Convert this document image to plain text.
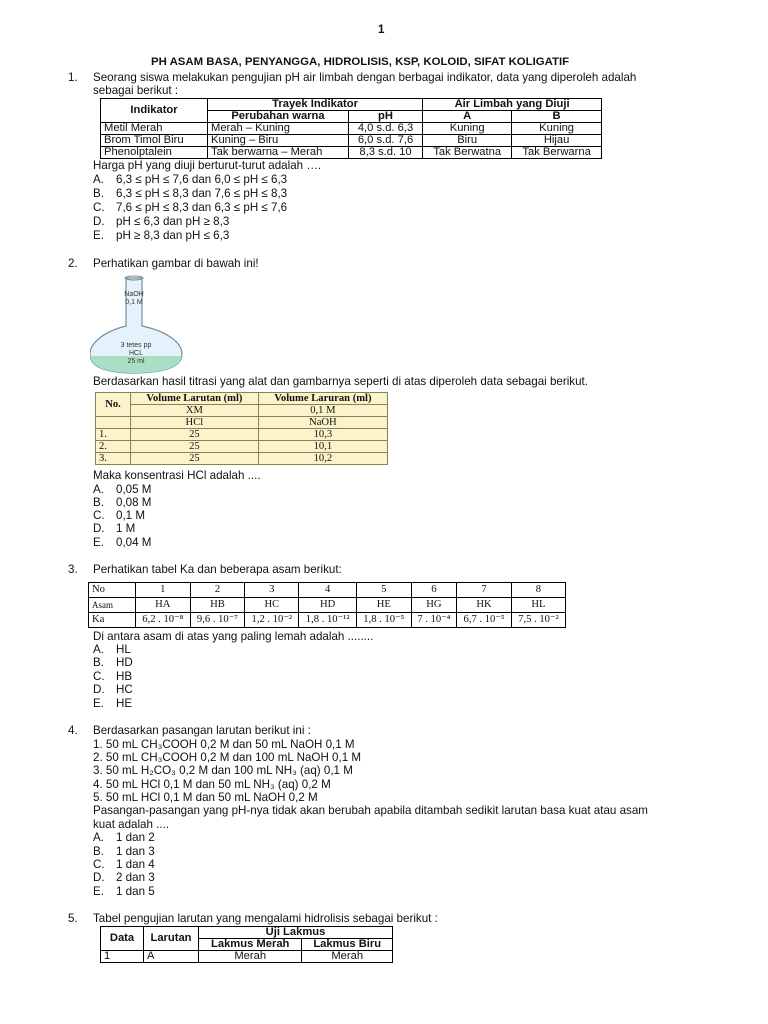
1
PH ASAM BASA, PENYANGGA, HIDROLISIS, KSP, KOLOID, SIFAT KOLIGATIF
1. Seorang siswa melakukan pengujian pH air limbah dengan berbagai indikator, data yang diperoleh adalah
sebagai berikut :
Indikator	Trayek Indikator		Air Limbah yang Diuji	
	Perubahan warna	pH	A	B
Metil Merah	Merah – Kuning	4,0 s.d. 6,3	Kuning	Kuning
Brom Timol Biru	Kuning – Biru	6,0 s.d. 7,6	Biru	Hijau
Phenolptalein	Tak berwarna – Merah	8,3 s.d. 10	Tak Berwatna	Tak Berwarna
Harga pH yang diuji berturut-turut adalah ….
A. 6,3 ≤ pH ≤ 7,6 dan 6,0 ≤ pH ≤ 6,3
B. 6,3 ≤ pH ≤ 8,3 dan 7,6 ≤ pH ≤ 8,3
C. 7,6 ≤ pH ≤ 8,3 dan 6,3 ≤ pH ≤ 7,6
D. pH ≤ 6,3 dan pH ≥ 8,3
E. pH ≥ 8,3 dan pH ≤ 6,3
2. Perhatikan gambar di bawah ini!
NaOH
0,1 M
3 tetes pp
HCL
25 ml
Berdasarkan hasil titrasi yang alat dan gambarnya seperti di atas diperoleh data sebagai berikut.
No.	Volume Larutan (ml)	Volume Laruran (ml)
	XM	0,1 M
	HCl	NaOH
1.	25	10,3
2.	25	10,1
3.	25	10,2
Maka konsentrasi HCl adalah ....
A. 0,05 M
B. 0,08 M
C. 0,1 M
D. 1 M
E. 0,04 M
3. Perhatikan tabel Ka dan beberapa asam berikut:
No	1	2	3	4	5	6	7	8
Asam	HA	HB	HC	HD	HE	HG	HK	HL
Ka	6,2 . 10⁻⁸	9,6 . 10⁻⁷	1,2 . 10⁻²	1,8 . 10⁻¹²	1,8 . 10⁻⁵	7 . 10⁻⁴	6,7 . 10⁻⁵	7,5 . 10⁻²
Di antara asam di atas yang paling lemah adalah ........
A. HL
B. HD
C. HB
D. HC
E. HE
4. Berdasarkan pasangan larutan berikut ini :
1. 50 mL CH₃COOH 0,2 M dan 50 mL NaOH 0,1 M
2. 50 mL CH₃COOH 0,2 M dan 100 mL NaOH 0,1 M
3. 50 mL H₂CO₃ 0,2 M dan 100 mL NH₃ (aq) 0,1 M
4. 50 mL HCl 0,1 M dan 50 mL NH₃ (aq) 0,2 M
5. 50 mL HCl 0,1 M dan 50 mL NaOH 0,2 M
Pasangan-pasangan yang pH-nya tidak akan berubah apabila ditambah sedikit larutan basa kuat atau asam
kuat adalah ....
A. 1 dan 2
B. 1 dan 3
C. 1 dan 4
D. 2 dan 3
E. 1 dan 5
5. Tabel pengujian larutan yang mengalami hidrolisis sebagai berikut :
Data	Larutan	Uji Lakmus	
		Lakmus Merah	Lakmus Biru
1	A	Merah	Merah
